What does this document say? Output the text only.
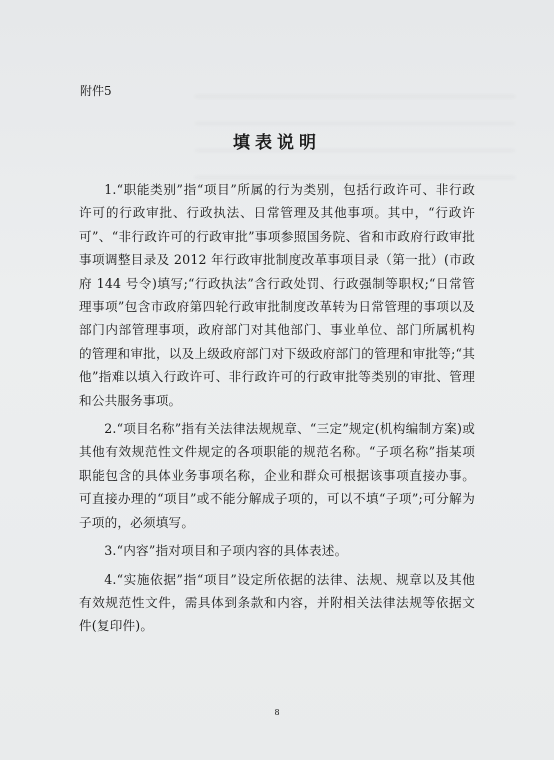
附件5
填表说明

1.“职能类别”指“项目”所属的行为类别，包括行政许可、非行政许可的行政审批、行政执法、日常管理及其他事项。其中，“行政许可”、“非行政许可的行政审批”事项参照国务院、省和市政府行政审批事项调整目录及 2012 年行政审批制度改革事项目录（第一批）(市政府 144 号令)填写;“行政执法”含行政处罚、行政强制等职权;“日常管理事项”包含市政府第四轮行政审批制度改革转为日常管理的事项以及部门内部管理事项，政府部门对其他部门、事业单位、部门所属机构的管理和审批，以及上级政府部门对下级政府部门的管理和审批等;“其他”指难以填入行政许可、非行政许可的行政审批等类别的审批、管理和公共服务事项。

2.“项目名称”指有关法律法规规章、“三定”规定(机构编制方案)或其他有效规范性文件规定的各项职能的规范名称。“子项名称”指某项职能包含的具体业务事项名称，企业和群众可根据该事项直接办事。可直接办理的“项目”或不能分解成子项的，可以不填“子项”;可分解为子项的，必须填写。

3.“内容”指对项目和子项内容的具体表述。

4.“实施依据”指“项目”设定所依据的法律、法规、规章以及其他有效规范性文件，需具体到条款和内容，并附相关法律法规等依据文件(复印件)。

8
